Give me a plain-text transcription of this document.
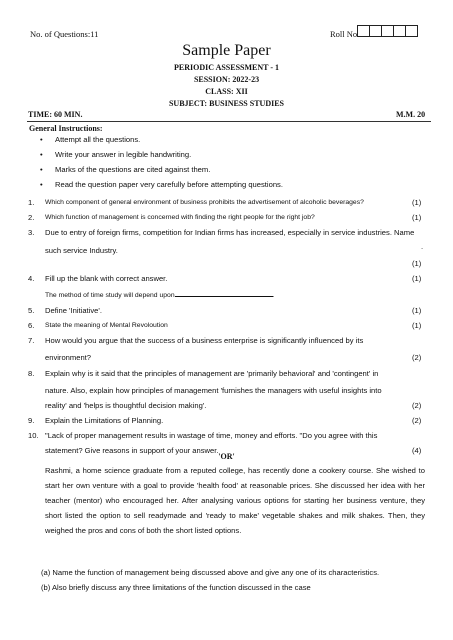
No. of Questions:11	Roll No.
Sample Paper
PERIODIC ASSESSMENT - 1
SESSION: 2022-23
CLASS: XII
SUBJECT: BUSINESS STUDIES
TIME: 60 MIN.	M.M. 20
General Instructions:
• Attempt all the questions.
• Write your answer in legible handwriting.
• Marks of the questions are cited against them.
• Read the question paper very carefully before attempting questions.
1. Which component of general environment of business prohibits the advertisement of alcoholic beverages?	(1)
2. Which function of management is concerned with finding the right people for the right job?	(1)
3. Due to entry of foreign firms, competition for Indian firms has increased, especially in service industries. Name
such service Industry.	.
(1)
4. Fill up the blank with correct answer.	(1)
The method of time study will depend upon	.
5. Define 'Initiative'.	(1)
6. State the meaning of Mental Revoloution	(1)
7. How would you argue that the success of a business enterprise is significantly influenced by its
environment?	(2)
8. Explain why is it said that the principles of management are 'primarily behavioral' and 'contingent' in
nature. Also, explain how principles of management 'furnishes the managers with useful insights into
reality' and 'helps is thoughtful decision making'.	(2)
9. Explain the Limitations of Planning.	(2)
10. "Lack of proper management results in wastage of time, money and efforts. "Do you agree with this
statement? Give reasons in support of your answer.	(4)
'OR'
Rashmi, a home science graduate from a reputed college, has recently done a cookery course. She wished to start her own venture with a goal to provide 'health food' at reasonable prices. She discussed her idea with her teacher (mentor) who encouraged her. After analysing various options for starting her business venture, they short listed the option to sell readymade and 'ready to make' vegetable shakes and milk shakes. Then, they weighed the pros and cons of both the short listed options.
(a) Name the function of management being discussed above and give any one of its characteristics.
(b) Also briefly discuss any three limitations of the function discussed in the case
